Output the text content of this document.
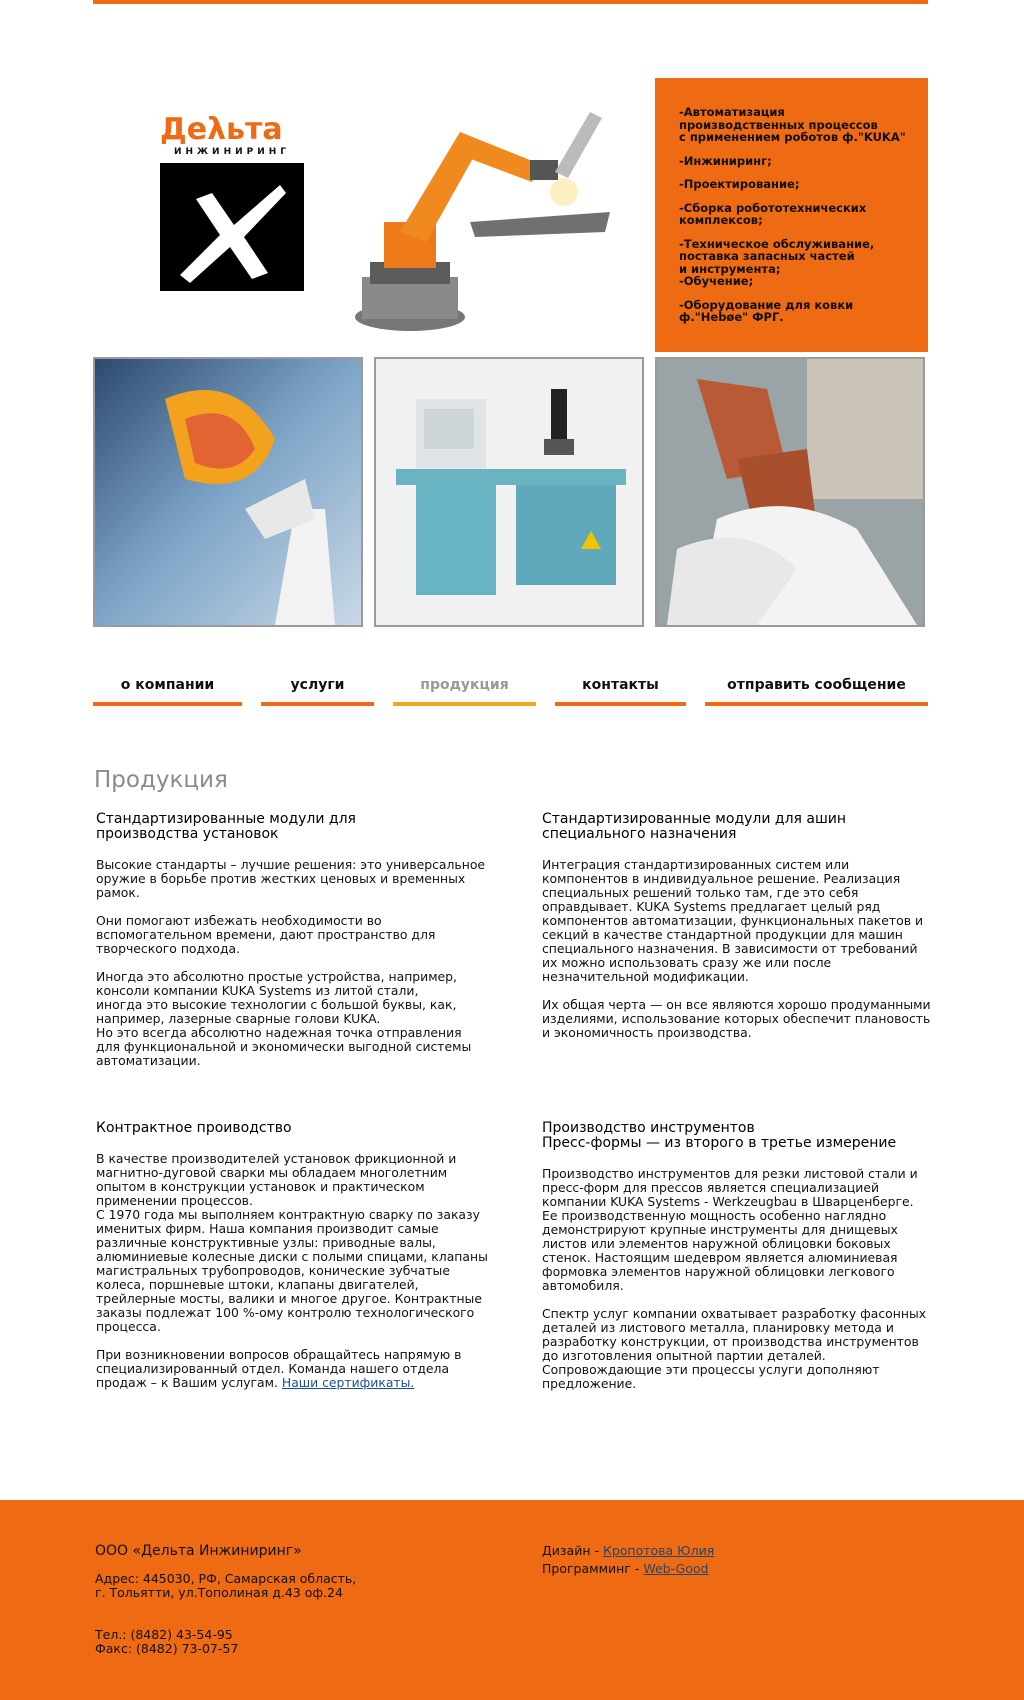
Деλьта
ИНЖИНИРИНГ
-Автоматизация
производственных процессов
с применением роботов ф."KUKA"
-Инжиниринг;
-Проектирование;
-Сборка робототехнических
комплексов;
-Техническое обслуживание,
поставка запасных частей
и инструмента;
-Обучение;
-Оборудование для ковки
ф."Hebøe" ФРГ.
о компании	услуги	продукция	контакты	отправить сообщение
Продукция
Стандартизированные модули для
производства установок

Высокие стандарты – лучшие решения: это универсальное
оружие в борьбе против жестких ценовых и временных
рамок.

Они помогают избежать необходимости во
вспомогательном времени, дают пространство для
творческого подхода.

Иногда это абсолютно простые устройства, например,
консоли компании KUKA Systems из литой стали,
иногда это высокие технологии с большой буквы, как,
например, лазерные сварные голови KUKA.
Но это всегда абсолютно надежная точка отправления
для функциональной и экономически выгодной системы
автоматизации.

Стандартизированные модули для ашин
специального назначения

Интеграция стандартизированных систем или
компонентов в индивидуальное решение. Реализация
специальных решений только там, где это себя
оправдывает. KUKA Systems предлагает целый ряд
компонентов автоматизации, функциональных пакетов и
секций в качестве стандартной продукции для машин
специального назначения. В зависимости от требований
их можно использовать сразу же или после
незначительной модификации.

Их общая черта — он все являются хорошо продуманными
изделиями, использование которых обеспечит плановость
и экономичность производства.

Контрактное проиводство

В качестве производителей установок фрикционной и
магнитно-дуговой сварки мы обладаем многолетним
опытом в конструкции установок и практическом
применении процессов.
С 1970 года мы выполняем контрактную сварку по заказу
именитых фирм. Наша компания производит самые
различные конструктивные узлы: приводные валы,
алюминиевые колесные диски с полыми спицами, клапаны
магистральных трубопроводов, конические зубчатые
колеса, поршневые штоки, клапаны двигателей,
трейлерные мосты, валики и многое другое. Контрактные
заказы подлежат 100 %-ому контролю технологического
процесса.

При возникновении вопросов обращайтесь напрямую в
специализированный отдел. Команда нашего отдела
продаж – к Вашим услугам. Наши сертификаты.

Производство инструментов
Пресс-формы — из второго в третье измерение

Производство инструментов для резки листовой стали и
пресс-форм для прессов является специализацией
компании KUKA Systems - Werkzeugbau в Шварценберге.
Ее производственную мощность особенно наглядно
демонстрируют крупные инструменты для днищевых
листов или элементов наружной облицовки боковых
стенок. Настоящим шедевром является алюминиевая
формовка элементов наружной облицовки легкового
автомобиля.

Спектр услуг компании охватывает разработку фасонных
деталей из листового металла, планировку метода и
разработку конструкции, от производства инструментов
до изготовления опытной партии деталей.
Сопровождающие эти процессы услуги дополняют
предложение.

ООО «Дельта Инжиниринг»
Адрес: 445030, РФ, Самарская область,
г. Тольятти, ул.Тополиная д.43 оф.24
Тел.: (8482) 43-54-95
Факс: (8482) 73-07-57
Дизайн - Кропотова Юлия
Программинг - Web-Good
